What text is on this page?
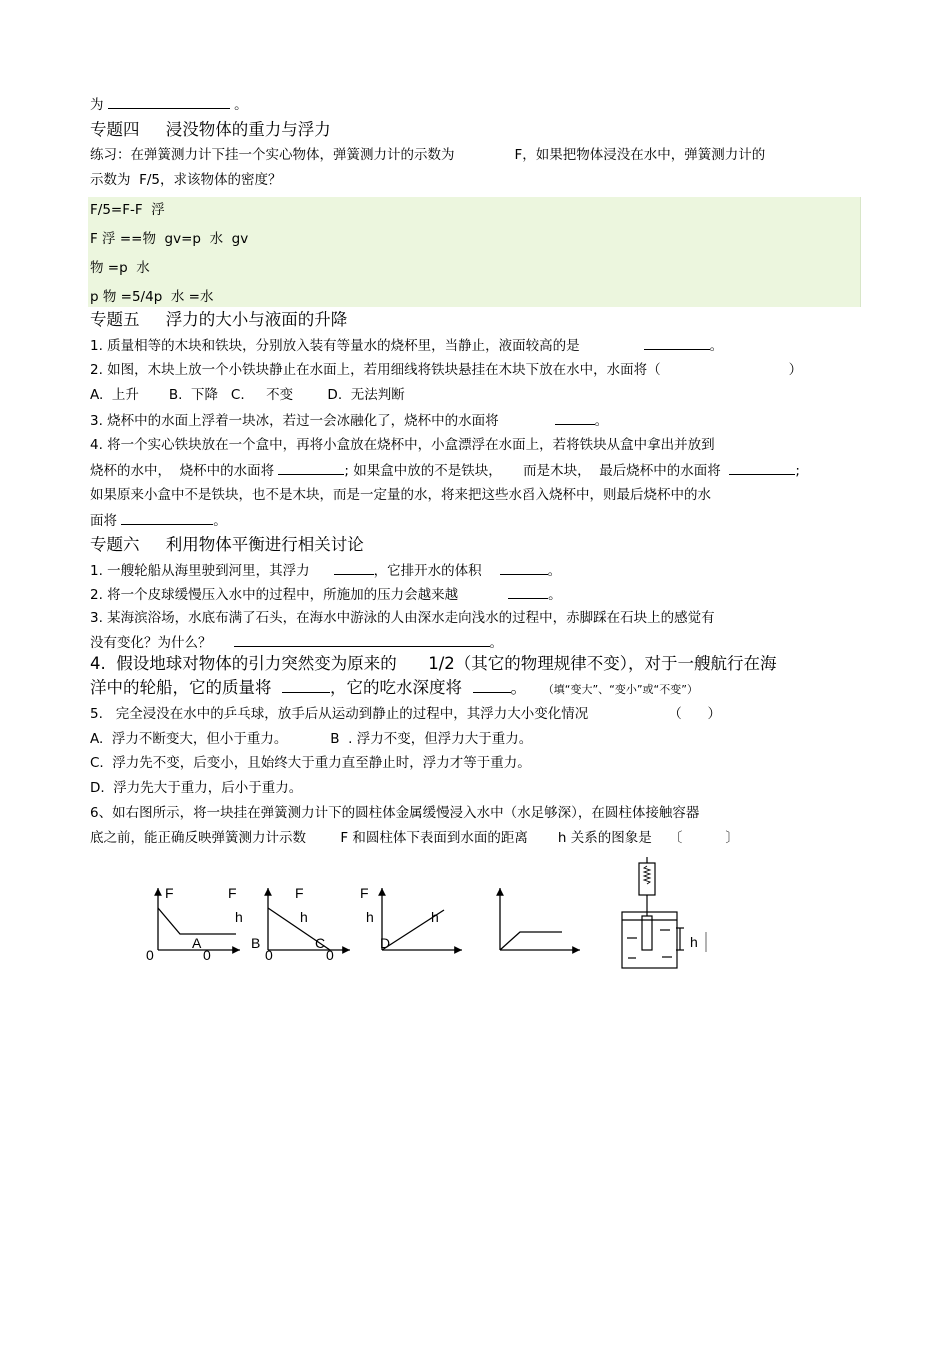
为	。
专题四     浸没物体的重力与浮力
练习：在弹簧测力计下挂一个实心物体，弹簧测力计的示数为	F，如果把物体浸没在水中，弹簧测力计的
示数为  F/5，求该物体的密度？
F/5=F-F  浮
F 浮 ==物  gv=p  水  gv
物 =p  水
p 物 =5/4p  水 =水
专题五     浮力的大小与液面的升降
1. 质量相等的木块和铁块，分别放入装有等量水的烧杯里，当静止，液面较高的是	。
2. 如图，木块上放一个小铁块静止在水面上，若用细线将铁块悬挂在木块下放在水中，水面将（	）
A.  上升       B.  下降   C.     不变        D.  无法判断
3. 烧杯中的水面上浮着一块冰，若过一会冰融化了，烧杯中的水面将	。
4. 将一个实心铁块放在一个盒中，再将小盒放在烧杯中，小盒漂浮在水面上，若将铁块从盒中拿出并放到
烧杯的水中，  烧杯中的水面将	; 如果盒中放的不是铁块，     而是木块，  最后烧杯中的水面将	;
如果原来小盒中不是铁块，也不是木块，而是一定量的水，将来把这些水舀入烧杯中，则最后烧杯中的水
面将	。
专题六     利用物体平衡进行相关讨论
1. 一艘轮船从海里驶到河里，其浮力	，它排开水的体积	。
2. 将一个皮球缓慢压入水中的过程中，所施加的压力会越来越	。
3. 某海滨浴场，水底布满了石头，在海水中游泳的人由深水走向浅水的过程中，赤脚踩在石块上的感觉有
没有变化？为什么？	。
4.  假设地球对物体的引力突然变为原来的      1/2（其它的物理规律不变），对于一艘航行在海
洋中的轮船，它的质量将	，它的吃水深度将	。 （填“变大”、“变小”或“不变”）
5.   完全浸没在水中的乒乓球，放手后从运动到静止的过程中，其浮力大小变化情况	（      ）
A.  浮力不断变大，但小于重力。          B  . 浮力不变，但浮力大于重力。
C.  浮力先不变，后变小，且始终大于重力直至静止时，浮力才等于重力。
D.  浮力先大于重力，后小于重力。
6、如右图所示，将一块挂在弹簧测力计下的圆柱体金属缓慢浸入水中（水足够深），在圆柱体接触容器
底之前，能正确反映弹簧测力计示数        F 和圆柱体下表面到水面的距离       h 关系的图象是    〔          〕
F	F	F	F
h	h	h	h
A	B	C	D
0	0	0	0
h
